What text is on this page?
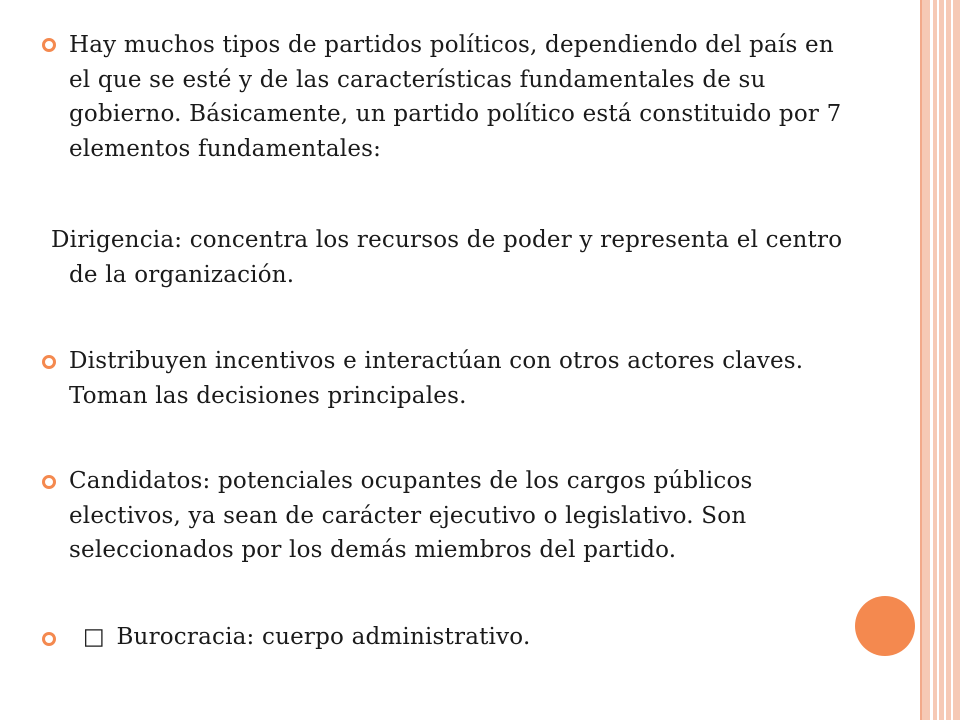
Hay muchos tipos de partidos políticos, dependiendo del país en el que se esté y de las características fundamentales de su gobierno. Básicamente, un partido político está constituido por 7 elementos fundamentales:

Dirigencia: concentra los recursos de poder y representa el centro de la organización.

Distribuyen incentivos e interactúan con otros actores claves. Toman las decisiones principales.

Candidatos: potenciales ocupantes de los cargos públicos electivos, ya sean de carácter ejecutivo o legislativo. Son seleccionados por los demás miembros del partido.

□ Burocracia: cuerpo administrativo.
